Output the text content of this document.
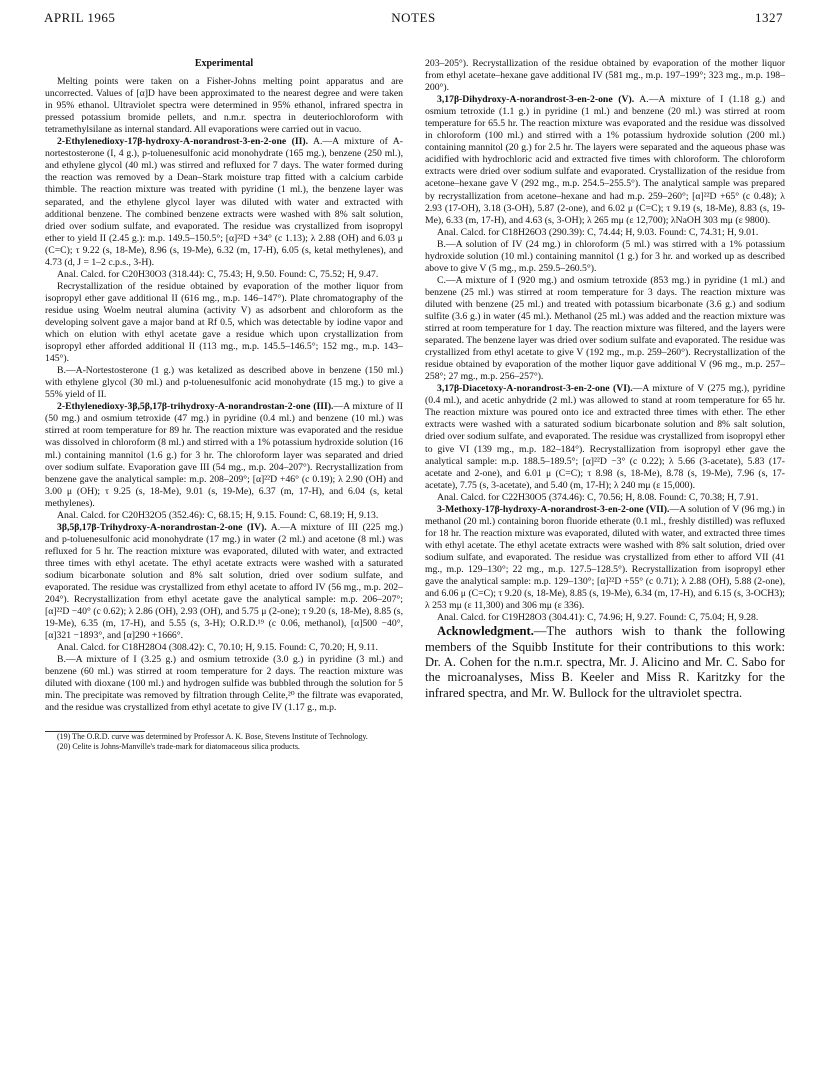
APRIL 1965	NOTES	1327
Experimental

Melting points were taken on a Fisher-Johns melting point apparatus and are uncorrected. Values of [α]D have been approximated to the nearest degree and were taken in 95% ethanol. Ultraviolet spectra were determined in 95% ethanol, infrared spectra in pressed potassium bromide pellets, and n.m.r. spectra in deuteriochloroform with tetramethylsilane as internal standard. All evaporations were carried out in vacuo.

2-Ethylenedioxy-17β-hydroxy-A-norandrost-3-en-2-one (II). A.—A mixture of A-nortestosterone (I, 4 g.), p-toluenesulfonic acid monohydrate (165 mg.), benzene (250 ml.), and ethylene glycol (40 ml.) was stirred and refluxed for 7 days. The water formed during the reaction was removed by a Dean–Stark moisture trap fitted with a calcium carbide thimble. The reaction mixture was treated with pyridine (1 ml.), the benzene layer was separated, and the ethylene glycol layer was diluted with water and extracted with additional benzene. The combined benzene extracts were washed with 8% salt solution, dried over sodium sulfate, and evaporated. The residue was crystallized from isopropyl ether to yield II (2.45 g.): m.p. 149.5–150.5°; [α]²²D +34° (c 1.13); λ 2.88 (OH) and 6.03 μ (C=C); τ 9.22 (s, 18-Me), 8.96 (s, 19-Me), 6.32 (m, 17-H), 6.05 (s, ketal methylenes), and 4.73 (d, J = 1–2 c.p.s., 3-H).

Anal. Calcd. for C20H30O3 (318.44): C, 75.43; H, 9.50. Found: C, 75.52; H, 9.47.

Recrystallization of the residue obtained by evaporation of the mother liquor from isopropyl ether gave additional II (616 mg., m.p. 146–147°). Plate chromatography of the residue using Woelm neutral alumina (activity V) as adsorbent and chloroform as the developing solvent gave a major band at Rf 0.5, which was detectable by iodine vapor and which on elution with ethyl acetate gave a residue which upon crystallization from isopropyl ether afforded additional II (113 mg., m.p. 145.5–146.5°; 152 mg., m.p. 143–145°).

B.—A-Nortestosterone (1 g.) was ketalized as described above in benzene (150 ml.) with ethylene glycol (30 ml.) and p-toluenesulfonic acid monohydrate (15 mg.) to give a 55% yield of II.

2-Ethylenedioxy-3β,5β,17β-trihydroxy-A-norandrostan-2-one (III).—A mixture of II (50 mg.) and osmium tetroxide (47 mg.) in pyridine (0.4 ml.) and benzene (10 ml.) was stirred at room temperature for 89 hr. The reaction mixture was evaporated and the residue was dissolved in chloroform (8 ml.) and stirred with a 1% potassium hydroxide solution (16 ml.) containing mannitol (1.6 g.) for 3 hr. The chloroform layer was separated and dried over sodium sulfate. Evaporation gave III (54 mg., m.p. 204–207°). Recrystallization from benzene gave the analytical sample: m.p. 208–209°; [α]²²D +46° (c 0.19); λ 2.90 (OH) and 3.00 μ (OH); τ 9.25 (s, 18-Me), 9.01 (s, 19-Me), 6.37 (m, 17-H), and 6.04 (s, ketal methylenes).

Anal. Calcd. for C20H32O5 (352.46): C, 68.15; H, 9.15. Found: C, 68.19; H, 9.13.

3β,5β,17β-Trihydroxy-A-norandrostan-2-one (IV). A.—A mixture of III (225 mg.) and p-toluenesulfonic acid monohydrate (17 mg.) in water (2 ml.) and acetone (8 ml.) was refluxed for 5 hr. The reaction mixture was evaporated, diluted with water, and extracted three times with ethyl acetate. The ethyl acetate extracts were washed with a saturated sodium bicarbonate solution and 8% salt solution, dried over sodium sulfate, and evaporated. The residue was crystallized from ethyl acetate to afford IV (56 mg., m.p. 202–204°). Recrystallization from ethyl acetate gave the analytical sample: m.p. 206–207°; [α]²²D −40° (c 0.62); λ 2.86 (OH), 2.93 (OH), and 5.75 μ (2-one); τ 9.20 (s, 18-Me), 8.85 (s, 19-Me), 6.35 (m, 17-H), and 5.55 (s, 3-H); O.R.D.¹⁹ (c 0.06, methanol), [α]500 −40°, [α]321 −1893°, and [α]290 +1666°.

Anal. Calcd. for C18H28O4 (308.42): C, 70.10; H, 9.15. Found: C, 70.20; H, 9.11.

B.—A mixture of I (3.25 g.) and osmium tetroxide (3.0 g.) in pyridine (3 ml.) and benzene (60 ml.) was stirred at room temperature for 2 days. The reaction mixture was diluted with dioxane (100 ml.) and hydrogen sulfide was bubbled through the solution for 5 min. The precipitate was removed by filtration through Celite,²⁰ the filtrate was evaporated, and the residue was crystallized from ethyl acetate to give IV (1.17 g., m.p.

(19) The O.R.D. curve was determined by Professor A. K. Bose, Stevens Institute of Technology.

(20) Celite is Johns-Manville's trade-mark for diatomaceous silica products.

203–205°). Recrystallization of the residue obtained by evaporation of the mother liquor from ethyl acetate–hexane gave additional IV (581 mg., m.p. 197–199°; 323 mg., m.p. 198–200°).

3,17β-Dihydroxy-A-norandrost-3-en-2-one (V). A.—A mixture of I (1.18 g.) and osmium tetroxide (1.1 g.) in pyridine (1 ml.) and benzene (20 ml.) was stirred at room temperature for 65.5 hr. The reaction mixture was evaporated and the residue was dissolved in chloroform (100 ml.) and stirred with a 1% potassium hydroxide solution (200 ml.) containing mannitol (20 g.) for 2.5 hr. The layers were separated and the aqueous phase was acidified with hydrochloric acid and extracted five times with chloroform. The chloroform extracts were dried over sodium sulfate and evaporated. Crystallization of the residue from acetone–hexane gave V (292 mg., m.p. 254.5–255.5°). The analytical sample was prepared by recrystallization from acetone–hexane and had m.p. 259–260°; [α]²²D +65° (c 0.48); λ 2.93 (17-OH), 3.18 (3-OH), 5.87 (2-one), and 6.02 μ (C=C); τ 9.19 (s, 18-Me), 8.83 (s, 19-Me), 6.33 (m, 17-H), and 4.63 (s, 3-OH); λ 265 mμ (ε 12,700); λNaOH 303 mμ (ε 9800).

Anal. Calcd. for C18H26O3 (290.39): C, 74.44; H, 9.03. Found: C, 74.31; H, 9.01.

B.—A solution of IV (24 mg.) in chloroform (5 ml.) was stirred with a 1% potassium hydroxide solution (10 ml.) containing mannitol (1 g.) for 3 hr. and worked up as described above to give V (5 mg., m.p. 259.5–260.5°).

C.—A mixture of I (920 mg.) and osmium tetroxide (853 mg.) in pyridine (1 ml.) and benzene (25 ml.) was stirred at room temperature for 3 days. The reaction mixture was diluted with benzene (25 ml.) and treated with potassium bicarbonate (3.6 g.) and sodium sulfite (3.6 g.) in water (45 ml.). Methanol (25 ml.) was added and the reaction mixture was stirred at room temperature for 1 day. The reaction mixture was filtered, and the layers were separated. The benzene layer was dried over sodium sulfate and evaporated. The residue was crystallized from ethyl acetate to give V (192 mg., m.p. 259–260°). Recrystallization of the residue obtained by evaporation of the mother liquor gave additional V (96 mg., m.p. 257–258°; 27 mg., m.p. 256–257°).

3,17β-Diacetoxy-A-norandrost-3-en-2-one (VI).—A mixture of V (275 mg.), pyridine (0.4 ml.), and acetic anhydride (2 ml.) was allowed to stand at room temperature for 65 hr. The reaction mixture was poured onto ice and extracted three times with ether. The ether extracts were washed with a saturated sodium bicarbonate solution and 8% salt solution, dried over sodium sulfate, and evaporated. The residue was crystallized from isopropyl ether to give VI (139 mg., m.p. 182–184°). Recrystallization from isopropyl ether gave the analytical sample: m.p. 188.5–189.5°; [α]²²D −3° (c 0.22); λ 5.66 (3-acetate), 5.83 (17-acetate and 2-one), and 6.01 μ (C=C); τ 8.98 (s, 18-Me), 8.78 (s, 19-Me), 7.96 (s, 17-acetate), 7.75 (s, 3-acetate), and 5.40 (m, 17-H); λ 240 mμ (ε 15,000).

Anal. Calcd. for C22H30O5 (374.46): C, 70.56; H, 8.08. Found: C, 70.38; H, 7.91.

3-Methoxy-17β-hydroxy-A-norandrost-3-en-2-one (VII).—A solution of V (96 mg.) in methanol (20 ml.) containing boron fluoride etherate (0.1 ml., freshly distilled) was refluxed for 18 hr. The reaction mixture was evaporated, diluted with water, and extracted three times with ethyl acetate. The ethyl acetate extracts were washed with 8% salt solution, dried over sodium sulfate, and evaporated. The residue was crystallized from ether to afford VII (41 mg., m.p. 129–130°; 22 mg., m.p. 127.5–128.5°). Recrystallization from isopropyl ether gave the analytical sample: m.p. 129–130°; [α]²²D +55° (c 0.71); λ 2.88 (OH), 5.88 (2-one), and 6.06 μ (C=C); τ 9.20 (s, 18-Me), 8.85 (s, 19-Me), 6.34 (m, 17-H), and 6.15 (s, 3-OCH3); λ 253 mμ (ε 11,300) and 306 mμ (ε 336).

Anal. Calcd. for C19H28O3 (304.41): C, 74.96; H, 9.27. Found: C, 75.04; H, 9.28.

Acknowledgment.—The authors wish to thank the following members of the Squibb Institute for their contributions to this work: Dr. A. Cohen for the n.m.r. spectra, Mr. J. Alicino and Mr. C. Sabo for the microanalyses, Miss B. Keeler and Miss R. Karitzky for the infrared spectra, and Mr. W. Bullock for the ultraviolet spectra.
